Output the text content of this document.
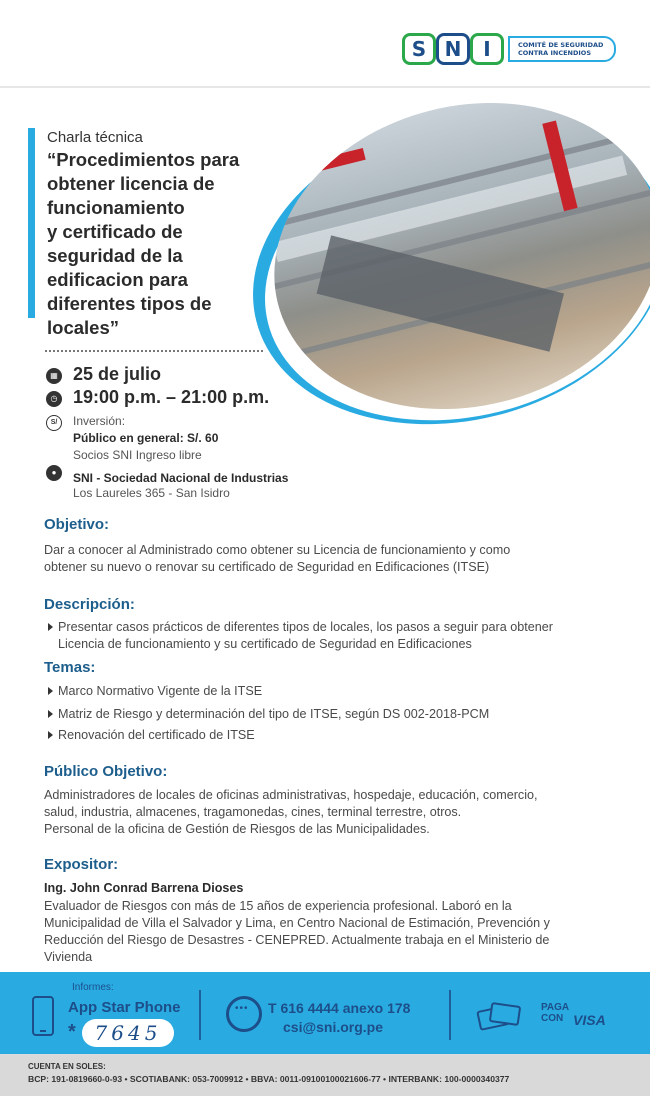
S N	I	COMITÉ DE SEGURIDAD
CONTRA INCENDIOS
Charla técnica
“Procedimientos para
obtener licencia de
funcionamiento
y certificado de
seguridad de la
edificacion para
diferentes tipos de
locales”
▦ 25 de julio
◷ 19:00 p.m. – 21:00 p.m.
S/	Inversión:
Público en general: S/. 60
Socios SNI Ingreso libre
●	SNI - Sociedad Nacional de Industrias
Los Laureles 365 - San Isidro
Objetivo:
Dar a conocer al Administrado como obtener su Licencia de funcionamiento y como
obtener su nuevo o renovar su certificado de Seguridad en Edificaciones (ITSE)
Descripción:
Presentar casos prácticos de diferentes tipos de locales, los pasos a seguir para obtener
Licencia de funcionamiento y su certificado de Seguridad en Edificaciones
Temas:
Marco Normativo Vigente de la ITSE
Matriz de Riesgo y determinación del tipo de ITSE, según DS 002-2018-PCM
Renovación del certificado de ITSE
Público Objetivo:
Administradores de locales de oficinas administrativas, hospedaje, educación, comercio,
salud, industria, almacenes, tragamonedas, cines, terminal terrestre, otros.
Personal de la oficina de Gestión de Riesgos de las Municipalidades.
Expositor:
Ing. John Conrad Barrena Dioses
Evaluador de Riesgos con más de 15 años de experiencia profesional. Laboró en la
Municipalidad de Villa el Salvador y Lima, en Centro Nacional de Estimación, Prevención y
Reducción del Riesgo de Desastres - CENEPRED. Actualmente trabaja en el Ministerio de
Vivienda
Informes:
App Star Phone
* 7645
•••
T 616 4444 anexo 178
csi@sni.org.pe
PAGA
CON VISA
CUENTA EN SOLES:
BCP: 191-0819660-0-93 • SCOTIABANK: 053-7009912 • BBVA: 0011-09100100021606-77 • INTERBANK: 100-0000340377
